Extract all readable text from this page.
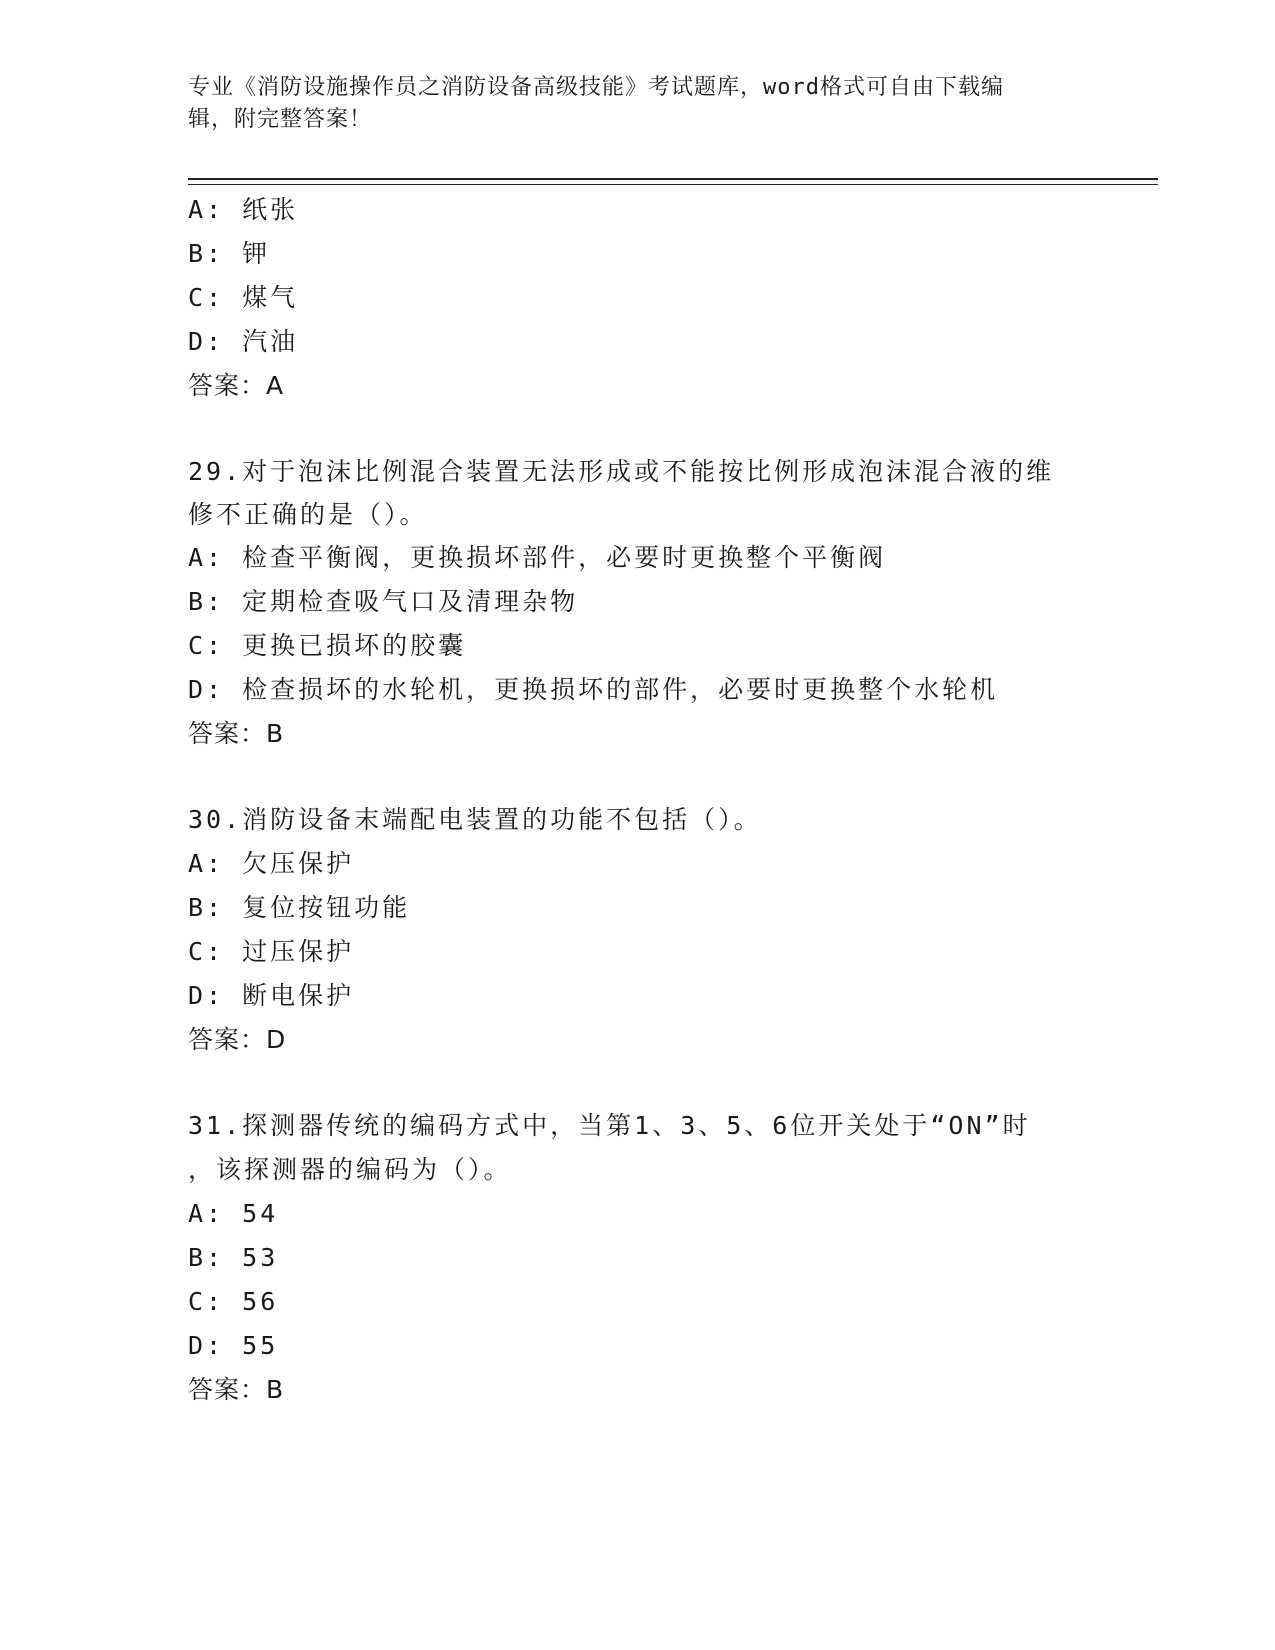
专业《消防设施操作员之消防设备高级技能》考试题库，word格式可自由下载编
辑，附完整答案！
A: 纸张
B: 钾
C: 煤气
D: 汽油
答案：A
29.对于泡沫比例混合装置无法形成或不能按比例形成泡沫混合液的维
修不正确的是（）。
A: 检查平衡阀，更换损坏部件，必要时更换整个平衡阀
B: 定期检查吸气口及清理杂物
C: 更换已损坏的胶囊
D: 检查损坏的水轮机，更换损坏的部件，必要时更换整个水轮机
答案：B
30.消防设备末端配电装置的功能不包括（）。
A: 欠压保护
B: 复位按钮功能
C: 过压保护
D: 断电保护
答案：D
31.探测器传统的编码方式中，当第1、3、5、6位开关处于“ON”时
，该探测器的编码为（）。
A: 54
B: 53
C: 56
D: 55
答案：B
